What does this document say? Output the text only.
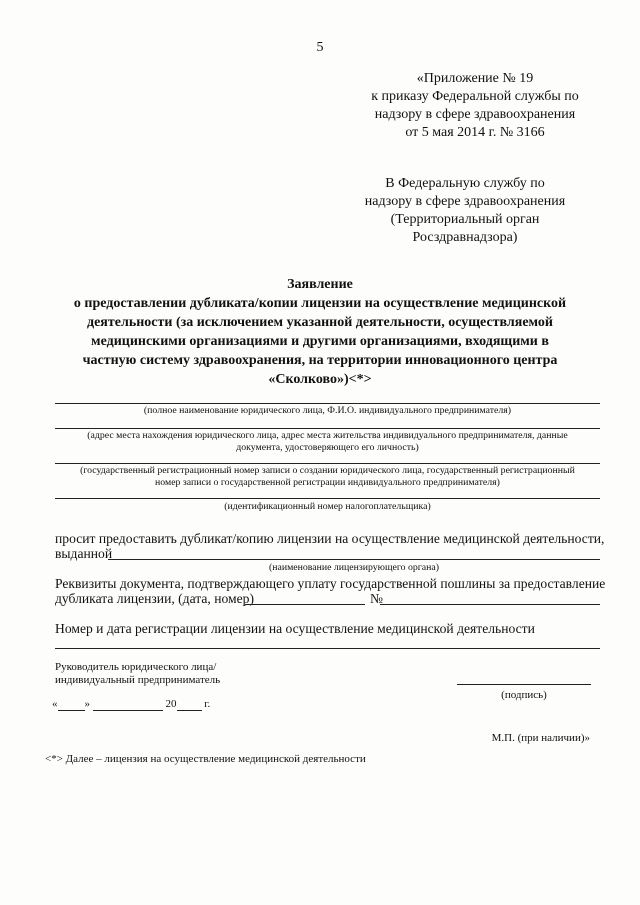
5
«Приложение № 19
к приказу Федеральной службы по
надзору в сфере здравоохранения
от 5 мая 2014 г. № 3166
В Федеральную службу по
надзору в сфере здравоохранения
(Территориальный орган
Росздравнадзора)
Заявление
о предоставлении дубликата/копии лицензии на осуществление медицинской
деятельности (за исключением указанной деятельности, осуществляемой
медицинскими организациями и другими организациями, входящими в
частную систему здравоохранения, на территории инновационного центра
«Сколково»)<*>
(полное наименование юридического лица, Ф.И.О. индивидуального предпринимателя)
(адрес места нахождения юридического лица, адрес места жительства индивидуального предпринимателя, данные
документа, удостоверяющего его личность)
(государственный регистрационный номер записи о создании юридического лица, государственный регистрационный
номер записи о государственной регистрации индивидуального предпринимателя)
(идентификационный номер налогоплательщика)
просит предоставить дубликат/копию лицензии на осуществление медицинской деятельности,
выданной
(наименование лицензирующего органа)
Реквизиты документа, подтверждающего уплату государственной пошлины за предоставление
дубликата лицензии, (дата, номер)	№
Номер и дата регистрации лицензии на осуществление медицинской деятельности
Руководитель юридического лица/
индивидуальный предприниматель
(подпись)
« »	20	г.
М.П. (при наличии)»
<*> Далее – лицензия на осуществление медицинской деятельности
